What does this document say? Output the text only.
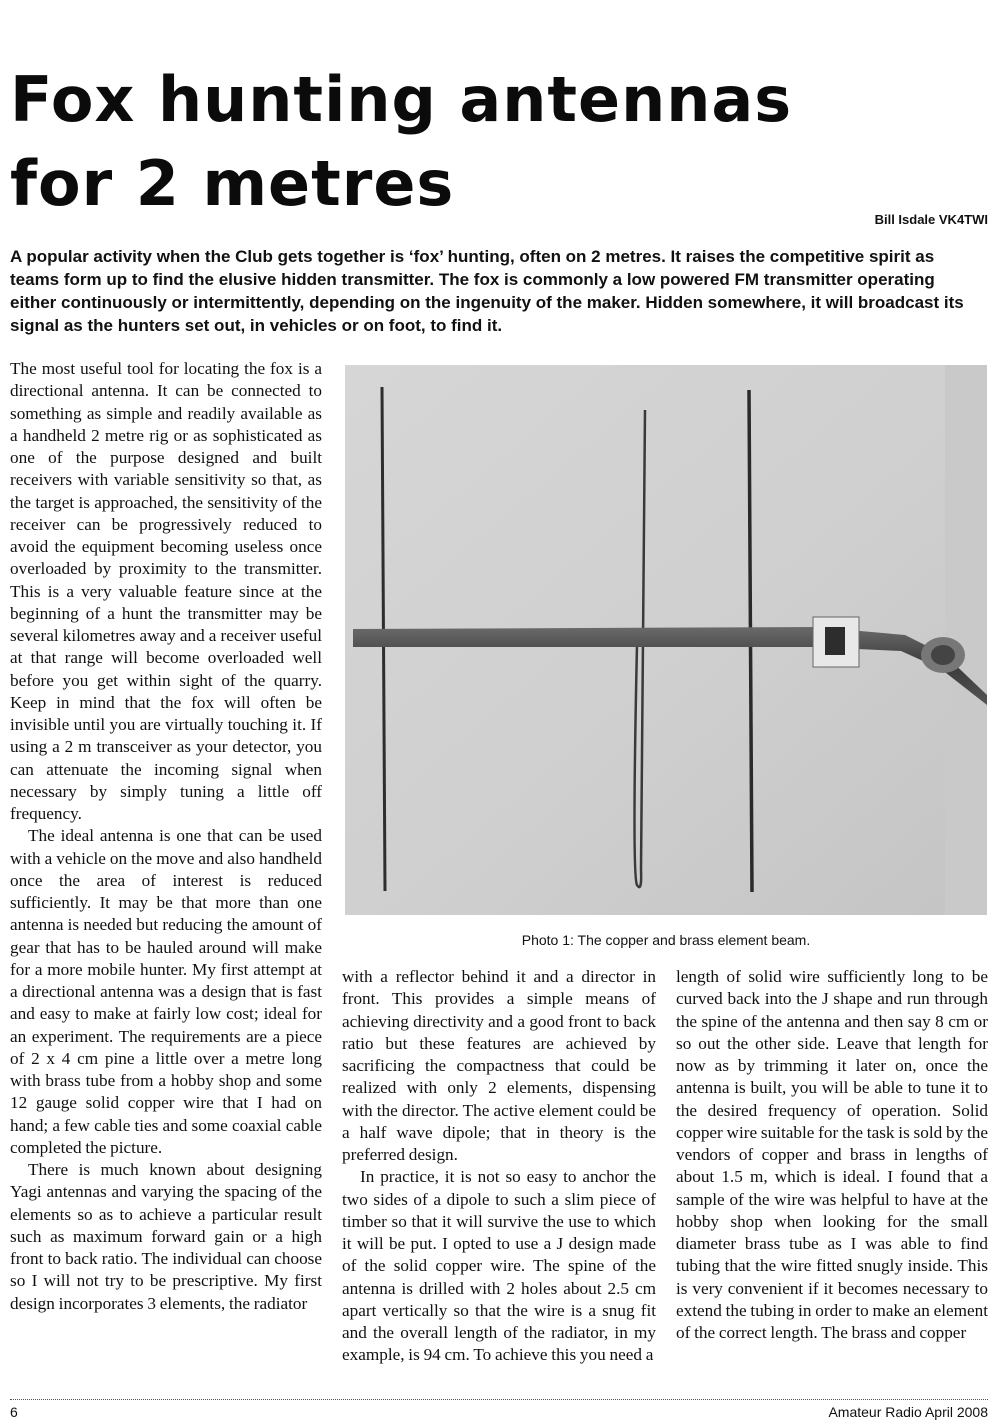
Fox hunting antennas
for 2 metres	Bill Isdale VK4TWI

A popular activity when the Club gets together is ‘fox’ hunting, often on 2 metres. It raises the competitive spirit as teams form up to find the elusive hidden transmitter. The fox is commonly a low powered FM transmitter operating either continuously or intermittently, depending on the ingenuity of the maker. Hidden somewhere, it will broadcast its signal as the hunters set out, in vehicles or on foot, to find it.

The most useful tool for locating the fox is a directional antenna. It can be connected to something as simple and readily available as a handheld 2 metre rig or as sophisticated as one of the purpose designed and built receivers with variable sensitivity so that, as the target is approached, the sensitivity of the receiver can be progressively reduced to avoid the equipment becoming useless once overloaded by proximity to the transmitter. This is a very valuable feature since at the beginning of a hunt the transmitter may be several kilometres away and a receiver useful at that range will become overloaded well before you get within sight of the quarry. Keep in mind that the fox will often be invisible until you are virtually touching it. If using a 2 m transceiver as your detector, you can attenuate the incoming signal when necessary by simply tuning a little off frequency.

The ideal antenna is one that can be used with a vehicle on the move and also handheld once the area of interest is reduced sufficiently. It may be that more than one antenna is needed but reducing the amount of gear that has to be hauled around will make for a more mobile hunter. My first attempt at a directional antenna was a design that is fast and easy to make at fairly low cost; ideal for an experiment. The requirements are a piece of 2 x 4 cm pine a little over a metre long with brass tube from a hobby shop and some 12 gauge solid copper wire that I had on hand; a few cable ties and some coaxial cable completed the picture.

There is much known about designing Yagi antennas and varying the spacing of the elements so as to achieve a particular result such as maximum forward gain or a high front to back ratio. The individual can choose so I will not try to be prescriptive. My first design incorporates 3 elements, the radiator

Photo 1: The copper and brass element beam.

with a reflector behind it and a director in front. This provides a simple means of achieving directivity and a good front to back ratio but these features are achieved by sacrificing the compactness that could be realized with only 2 elements, dispensing with the director. The active element could be a half wave dipole; that in theory is the preferred design.

In practice, it is not so easy to anchor the two sides of a dipole to such a slim piece of timber so that it will survive the use to which it will be put. I opted to use a J design made of the solid copper wire. The spine of the antenna is drilled with 2 holes about 2.5 cm apart vertically so that the wire is a snug fit and the overall length of the radiator, in my example, is 94 cm. To achieve this you need a

length of solid wire sufficiently long to be curved back into the J shape and run through the spine of the antenna and then say 8 cm or so out the other side. Leave that length for now as by trimming it later on, once the antenna is built, you will be able to tune it to the desired frequency of operation. Solid copper wire suitable for the task is sold by the vendors of copper and brass in lengths of about 1.5 m, which is ideal. I found that a sample of the wire was helpful to have at the hobby shop when looking for the small diameter brass tube as I was able to find tubing that the wire fitted snugly inside. This is very convenient if it becomes necessary to extend the tubing in order to make an element of the correct length. The brass and copper

6	Amateur Radio April 2008
